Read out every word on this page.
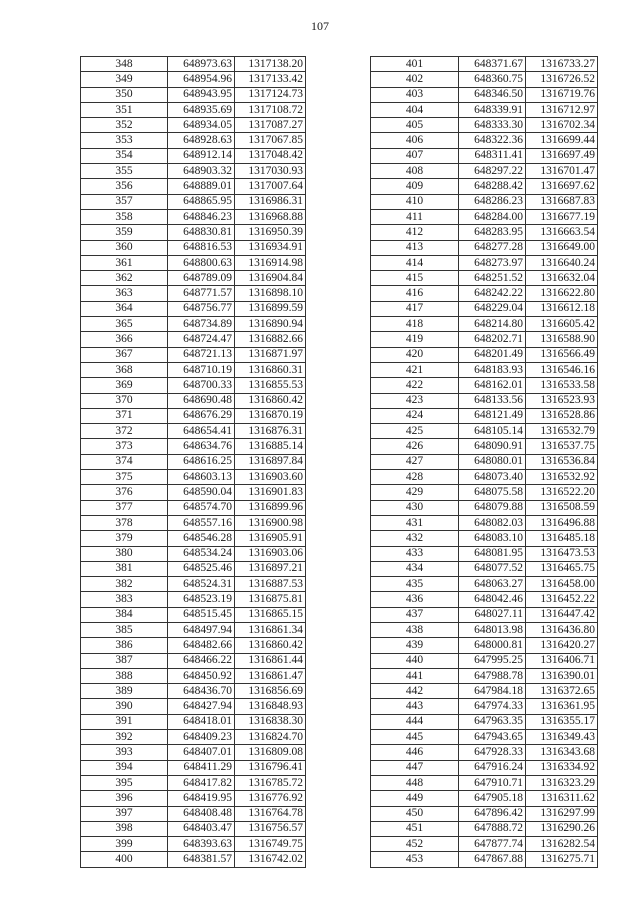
107
348	648973.63	1317138.20
349	648954.96	1317133.42
350	648943.95	1317124.73
351	648935.69	1317108.72
352	648934.05	1317087.27
353	648928.63	1317067.85
354	648912.14	1317048.42
355	648903.32	1317030.93
356	648889.01	1317007.64
357	648865.95	1316986.31
358	648846.23	1316968.88
359	648830.81	1316950.39
360	648816.53	1316934.91
361	648800.63	1316914.98
362	648789.09	1316904.84
363	648771.57	1316898.10
364	648756.77	1316899.59
365	648734.89	1316890.94
366	648724.47	1316882.66
367	648721.13	1316871.97
368	648710.19	1316860.31
369	648700.33	1316855.53
370	648690.48	1316860.42
371	648676.29	1316870.19
372	648654.41	1316876.31
373	648634.76	1316885.14
374	648616.25	1316897.84
375	648603.13	1316903.60
376	648590.04	1316901.83
377	648574.70	1316899.96
378	648557.16	1316900.98
379	648546.28	1316905.91
380	648534.24	1316903.06
381	648525.46	1316897.21
382	648524.31	1316887.53
383	648523.19	1316875.81
384	648515.45	1316865.15
385	648497.94	1316861.34
386	648482.66	1316860.42
387	648466.22	1316861.44
388	648450.92	1316861.47
389	648436.70	1316856.69
390	648427.94	1316848.93
391	648418.01	1316838.30
392	648409.23	1316824.70
393	648407.01	1316809.08
394	648411.29	1316796.41
395	648417.82	1316785.72
396	648419.95	1316776.92
397	648408.48	1316764.78
398	648403.47	1316756.57
399	648393.63	1316749.75
400	648381.57	1316742.02
401	648371.67	1316733.27
402	648360.75	1316726.52
403	648346.50	1316719.76
404	648339.91	1316712.97
405	648333.30	1316702.34
406	648322.36	1316699.44
407	648311.41	1316697.49
408	648297.22	1316701.47
409	648288.42	1316697.62
410	648286.23	1316687.83
411	648284.00	1316677.19
412	648283.95	1316663.54
413	648277.28	1316649.00
414	648273.97	1316640.24
415	648251.52	1316632.04
416	648242.22	1316622.80
417	648229.04	1316612.18
418	648214.80	1316605.42
419	648202.71	1316588.90
420	648201.49	1316566.49
421	648183.93	1316546.16
422	648162.01	1316533.58
423	648133.56	1316523.93
424	648121.49	1316528.86
425	648105.14	1316532.79
426	648090.91	1316537.75
427	648080.01	1316536.84
428	648073.40	1316532.92
429	648075.58	1316522.20
430	648079.88	1316508.59
431	648082.03	1316496.88
432	648083.10	1316485.18
433	648081.95	1316473.53
434	648077.52	1316465.75
435	648063.27	1316458.00
436	648042.46	1316452.22
437	648027.11	1316447.42
438	648013.98	1316436.80
439	648000.81	1316420.27
440	647995.25	1316406.71
441	647988.78	1316390.01
442	647984.18	1316372.65
443	647974.33	1316361.95
444	647963.35	1316355.17
445	647943.65	1316349.43
446	647928.33	1316343.68
447	647916.24	1316334.92
448	647910.71	1316323.29
449	647905.18	1316311.62
450	647896.42	1316297.99
451	647888.72	1316290.26
452	647877.74	1316282.54
453	647867.88	1316275.71
